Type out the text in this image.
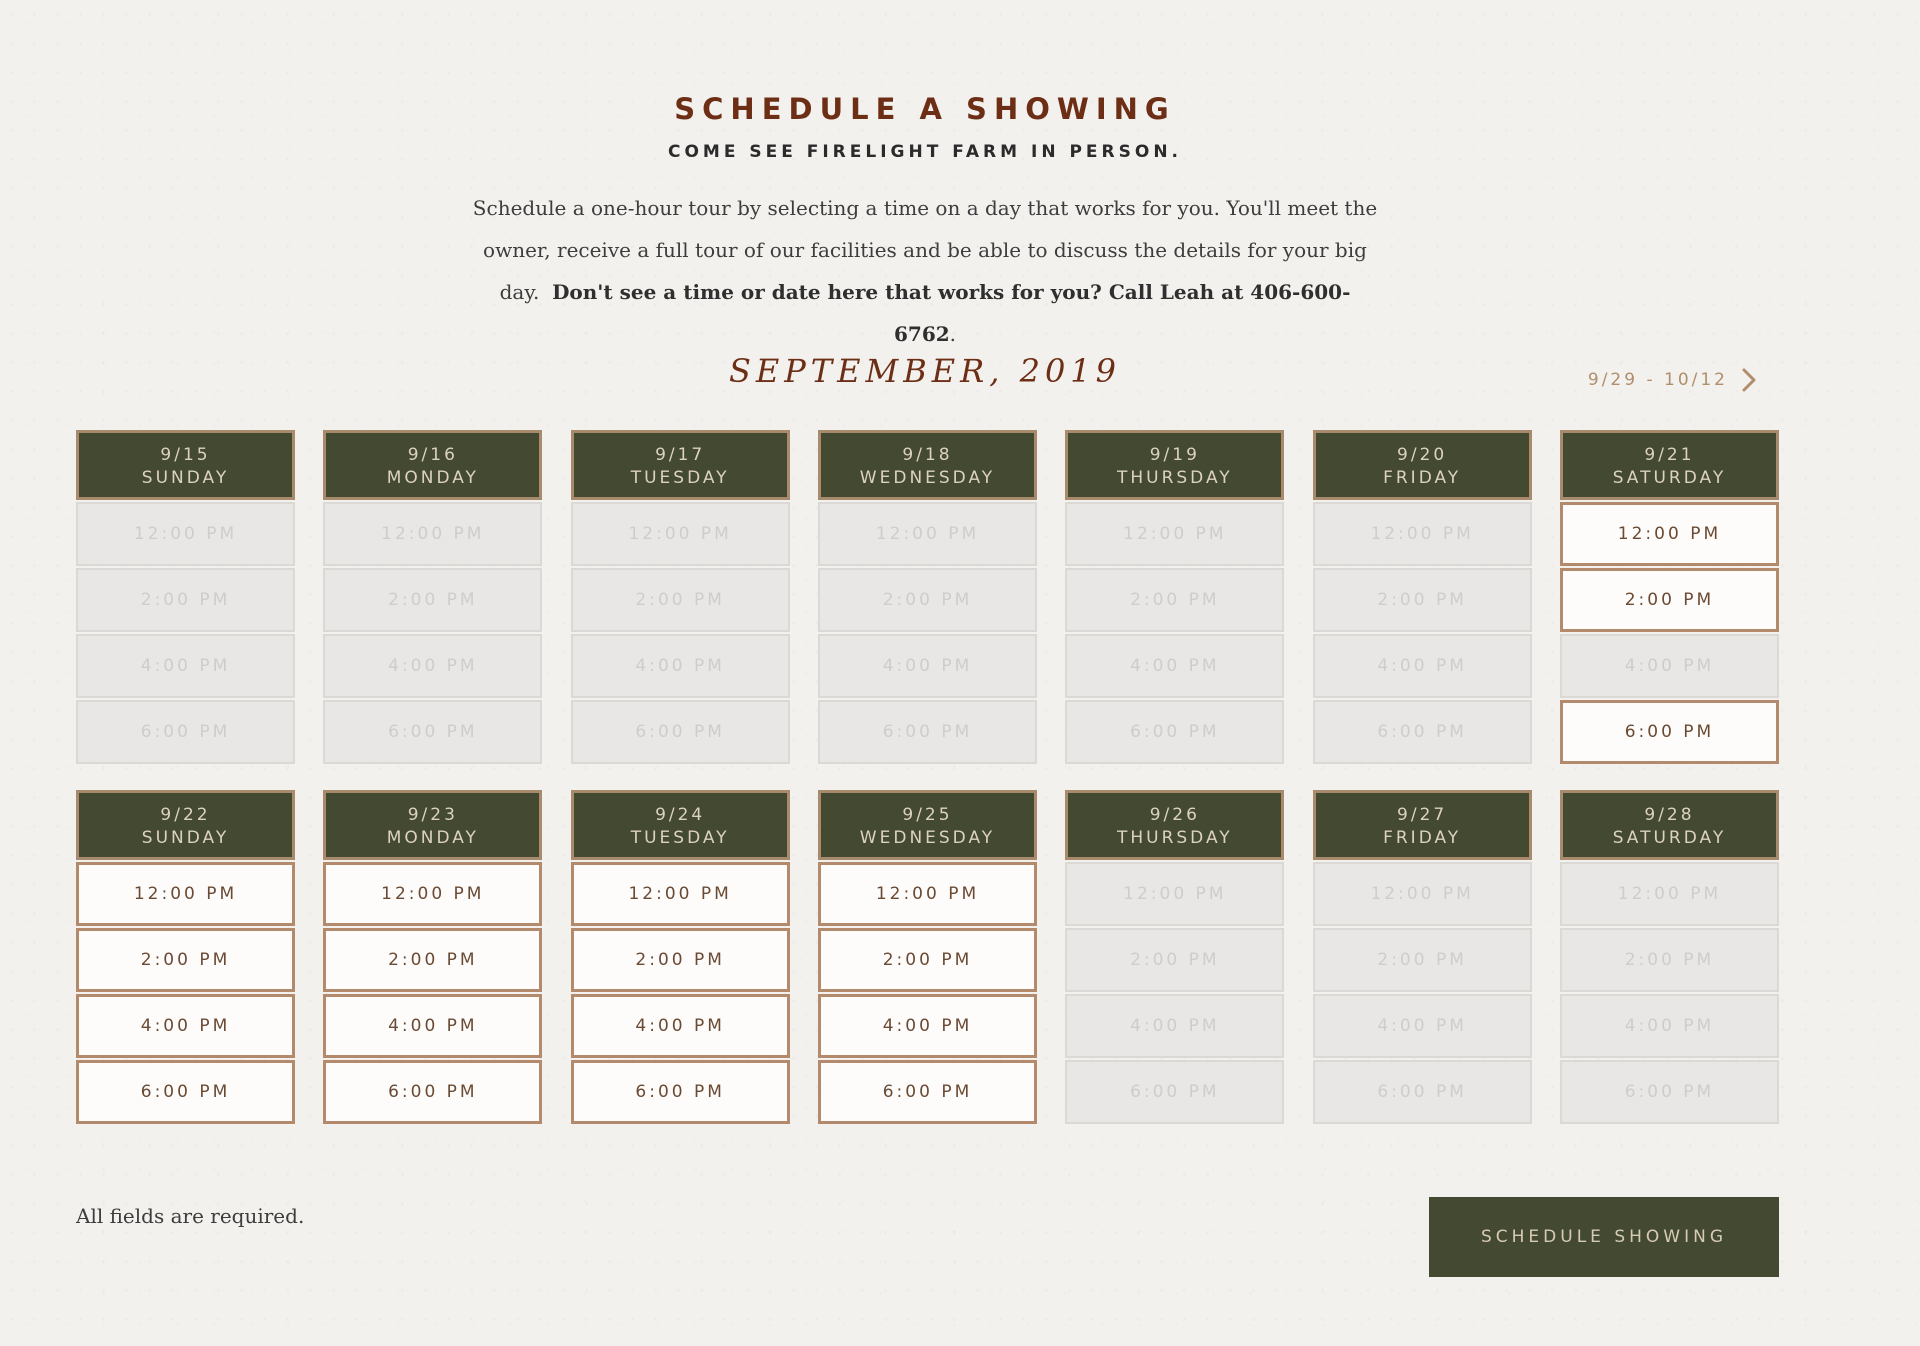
SCHEDULE A SHOWING
COME SEE FIRELIGHT FARM IN PERSON.

Schedule a one-hour tour by selecting a time on a day that works for you. You'll meet the owner, receive a full tour of our facilities and be able to discuss the details for your big day. Don't see a time or date here that works for you? Call Leah at 406-600-6762.

SEPTEMBER, 2019	9/29 - 10/12
9/15
SUNDAY
12:00 PM
2:00 PM
4:00 PM
6:00 PM
9/16
MONDAY
12:00 PM
2:00 PM
4:00 PM
6:00 PM
9/17
TUESDAY
12:00 PM
2:00 PM
4:00 PM
6:00 PM
9/18
WEDNESDAY
12:00 PM
2:00 PM
4:00 PM
6:00 PM
9/19
THURSDAY
12:00 PM
2:00 PM
4:00 PM
6:00 PM
9/20
FRIDAY
12:00 PM
2:00 PM
4:00 PM
6:00 PM
9/21
SATURDAY
12:00 PM
2:00 PM
4:00 PM
6:00 PM
9/22
SUNDAY
12:00 PM
2:00 PM
4:00 PM
6:00 PM
9/23
MONDAY
12:00 PM
2:00 PM
4:00 PM
6:00 PM
9/24
TUESDAY
12:00 PM
2:00 PM
4:00 PM
6:00 PM
9/25
WEDNESDAY
12:00 PM
2:00 PM
4:00 PM
6:00 PM
9/26
THURSDAY
12:00 PM
2:00 PM
4:00 PM
6:00 PM
9/27
FRIDAY
12:00 PM
2:00 PM
4:00 PM
6:00 PM
9/28
SATURDAY
12:00 PM
2:00 PM
4:00 PM
6:00 PM
All fields are required.
SCHEDULE SHOWING
